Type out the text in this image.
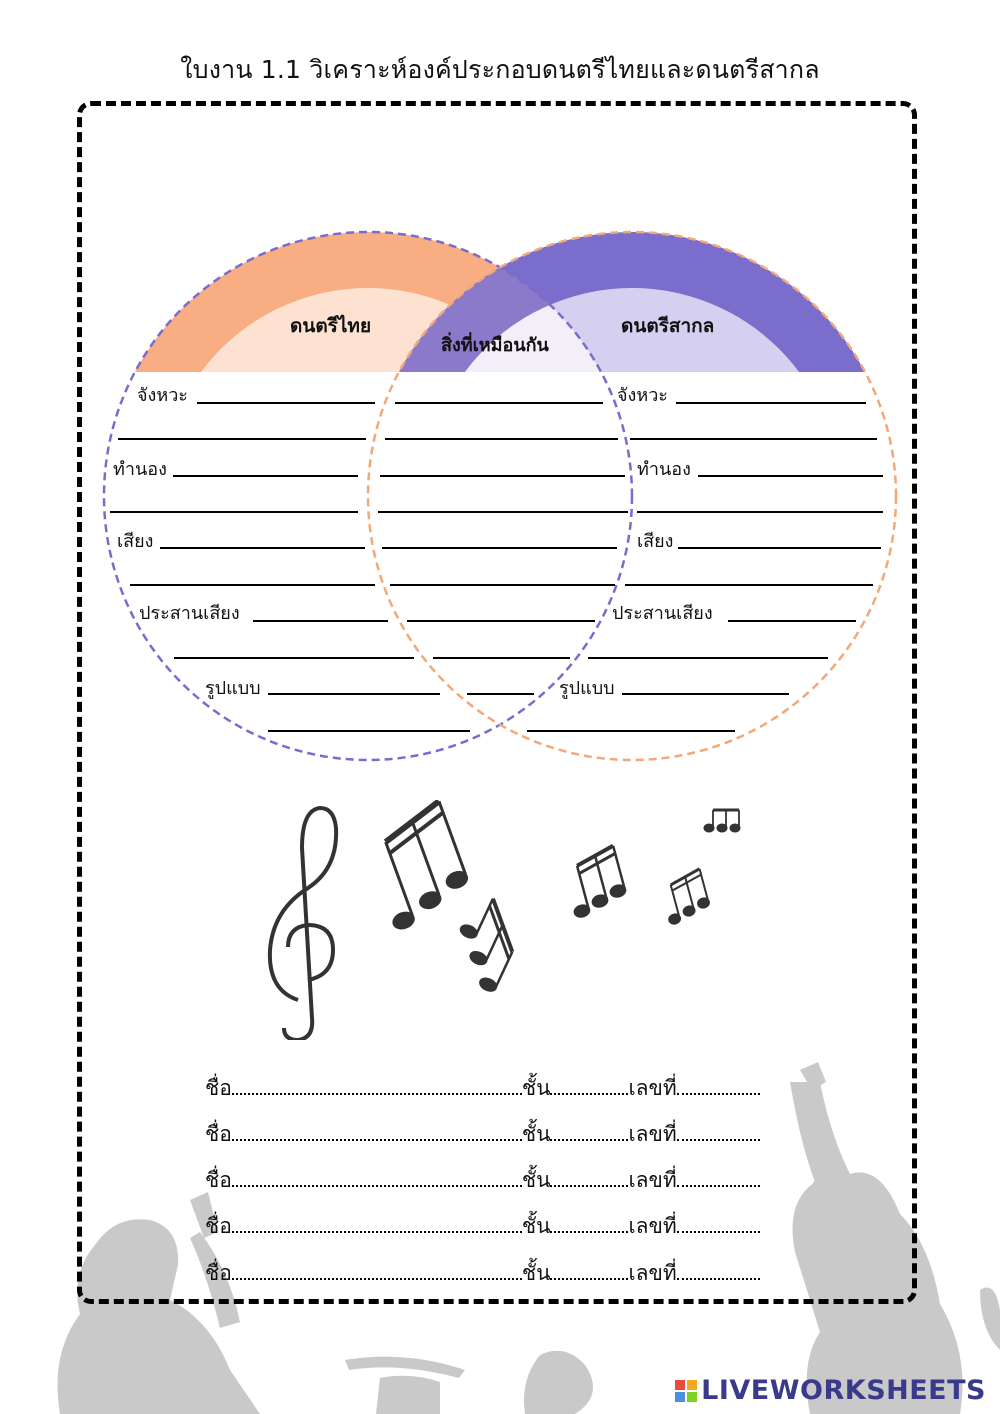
ใบงาน 1.1 วิเคราะห์องค์ประกอบดนตรีไทยและดนตรีสากล
ดนตรีไทย
สิ่งที่เหมือนกัน
ดนตรีสากล
จังหวะ
ทำนอง
เสียง
ประสานเสียง
รูปแบบ
จังหวะ
ทำนอง
เสียง
ประสานเสียง
รูปแบบ
ชื่อ	ชั้น	เลขที่
ชื่อ	ชั้น	เลขที่
ชื่อ	ชั้น	เลขที่
ชื่อ	ชั้น	เลขที่
ชื่อ	ชั้น	เลขที่
LIVEWORKSHEETS
